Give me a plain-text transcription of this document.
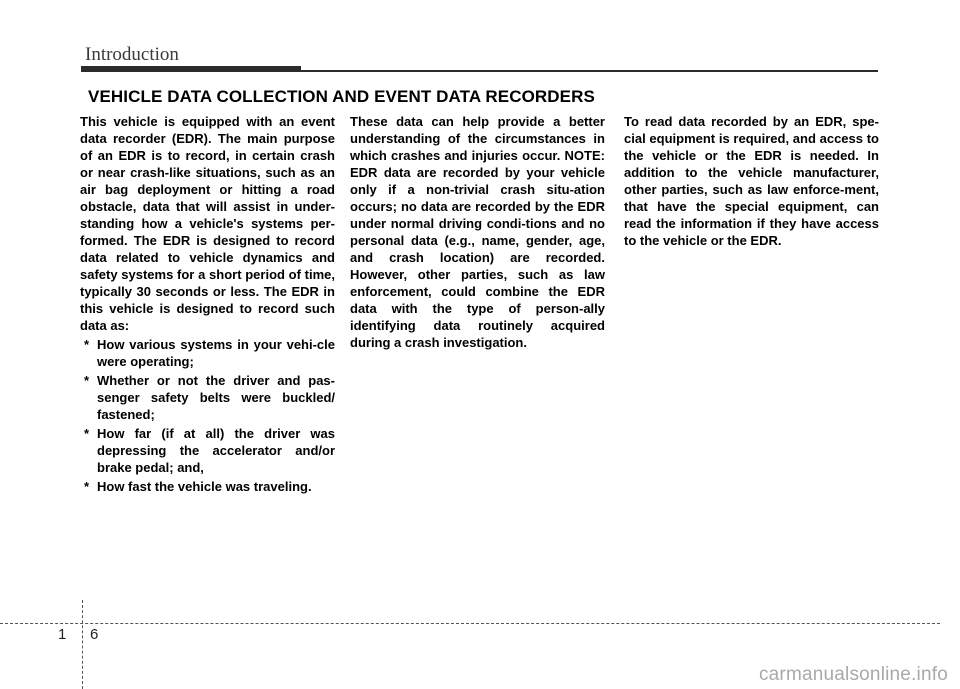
Introduction
VEHICLE DATA COLLECTION AND EVENT DATA RECORDERS

This vehicle is equipped with an event data recorder (EDR). The main purpose of an EDR is to record, in certain crash or near crash-like situations, such as an air bag deployment or hitting a road obstacle, data that will assist in under-standing how a vehicle's systems per-formed. The EDR is designed to record data related to vehicle dynamics and safety systems for a short period of time, typically 30 seconds or less. The EDR in this vehicle is designed to record such data as:

* How various systems in your vehi-cle were operating;
* Whether or not the driver and pas-senger safety belts were buckled/ fastened;
* How far (if at all) the driver was depressing the accelerator and/or brake pedal; and,
* How fast the vehicle was traveling.

These data can help provide a better understanding of the circumstances in which crashes and injuries occur. NOTE: EDR data are recorded by your vehicle only if a non-trivial crash situ-ation occurs; no data are recorded by the EDR under normal driving condi-tions and no personal data (e.g., name, gender, age, and crash location) are recorded. However, other parties, such as law enforcement, could combine the EDR data with the type of person-ally identifying data routinely acquired during a crash investigation.

To read data recorded by an EDR, spe-cial equipment is required, and access to the vehicle or the EDR is needed. In addition to the vehicle manufacturer, other parties, such as law enforce-ment, that have the special equipment, can read the information if they have access to the vehicle or the EDR.

1 6
carmanualsonline.info
